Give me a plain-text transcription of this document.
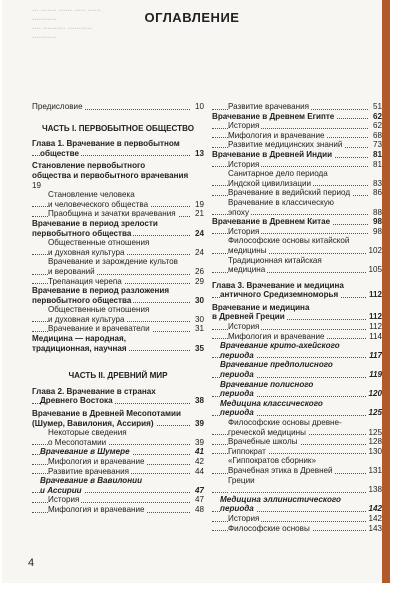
... ....... ...... ..... ......
...........
.... .......... ...........
...........
ОГЛАВЛЕНИЕ
Предисловие	10
ЧАСТЬ I. ПЕРВОБЫТНОЕ ОБЩЕСТВО
Глава 1. Врачевание в первобытном
обществе	13
Становление первобытного
общества и первобытного врачевания
19
Становление человека
и человеческого общества	19
Праобщина и зачатки врачевания 21
Врачевание в период зрелости
первобытного общества	24
Общественные отношения
и духовная культура	24
Врачевание и зарождение культов
и верований	26
Трепанация черепа	29
Врачевание в период разложения
первобытного общества	30
Общественные отношения
и духовная культура	30
Врачевание и врачеватели	31
Медицина — народная,
традиционная, научная	35
ЧАСТЬ II. ДРЕВНИЙ МИР
Глава 2. Врачевание в странах
Древнего Востока	38
Врачевание в Древней Месопотамии
(Шумер, Вавилония, Ассирия)	39
Некоторые сведения
о Месопотамии	39
Врачевание в Шумере	41
Мифология и врачевание	42
Развитие врачевания	44
Врачевание в Вавилонии
и Ассирии	47
История	47
Мифология и врачевание	48
Развитие врачевания	51
Врачевание в Древнем Египте	62
История	62
Мифология и врачевание	68
Развитие медицинских знаний	73
Врачевание в Древней Индии	81
История	81
Санитарное дело периода
Индской цивилизации	83
Врачевание в ведийский период	86
Врачевание в классическую
эпоху	88
Врачевание в Древнем Китае	98
История	98
Философские основы китайской
медицины	102
Традиционная китайская
медицина	105
Глава 3. Врачевание и медицина
античного Средиземноморья	112
Врачевание и медицина
в Древней Греции	112
История	112
Мифология и врачевание	114
Врачевание крито-ахейского
периода	117
Врачевание предполисного
периода	119
Врачевание полисного
периода	120
Медицина классического
периода	125
Философские основы древне-
греческой медицины	125
Врачебные школы	128
Гиппократ	130
«Гиппократов сборник»
Врачебная этика в Древней	131
Греции
138
Медицина эллинистического
периода	142
История	142
Философские основы	143
4
